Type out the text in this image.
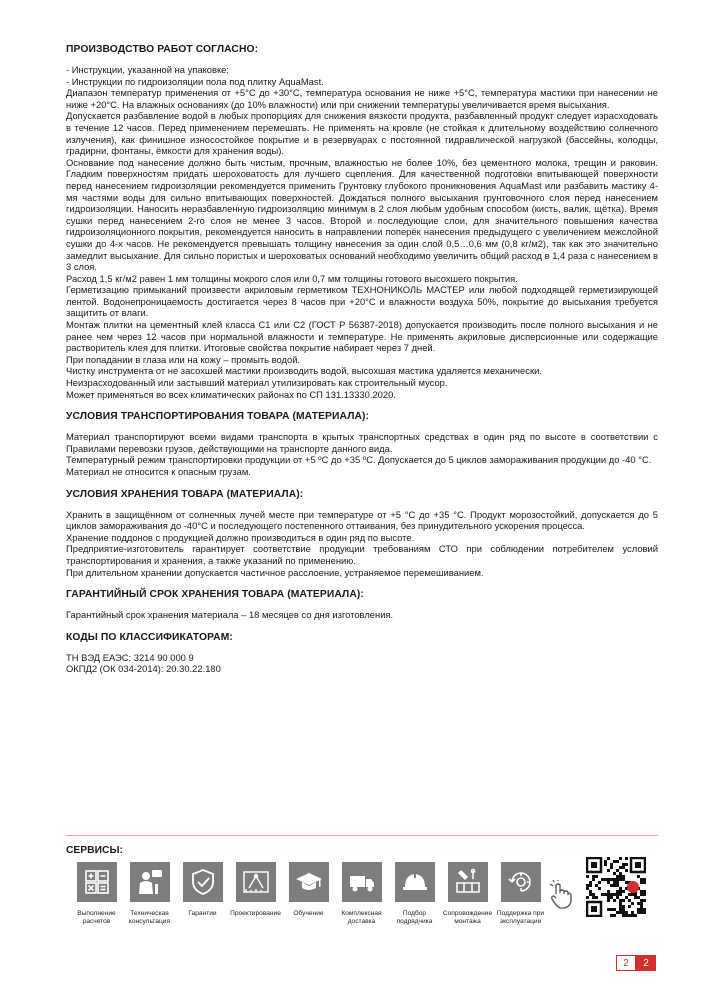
ПРОИЗВОДСТВО РАБОТ СОГЛАСНО:

- Инструкции, указанной на упаковке;

- Инструкции по гидроизоляции пола под плитку AquaMast.

Диапазон температур применения от +5°С до +30°С, температура основания не ниже +5°С, температура мастики при нанесении не ниже +20°С. На влажных основаниях (до 10% влажности) или при снижении температуры увеличивается время высыхания.

Допускается разбавление водой в любых пропорциях для снижения вязкости продукта, разбавленный продукт следует израсходовать в течение 12 часов. Перед применением перемешать. Не применять на кровле (не стойкая к длительному воздействию солнечного излучения), как финишное износостойкое покрытие и в резервуарах с постоянной гидравлической нагрузкой (бассейны, колодцы, градирни, фонтаны, ёмкости для хранения воды).

Основание под нанесение должно быть чистым, прочным, влажностью не более 10%, без цементного молока, трещин и раковин. Гладким поверхностям придать шероховатость для лучшего сцепления. Для качественной подготовки впитывающей поверхности перед нанесением гидроизоляции рекомендуется применить Грунтовку глубокого проникновения AquaMast или разбавить мастику 4-мя частями воды для сильно впитывающих поверхностей. Дождаться полного высыхания грунтовочного слоя перед нанесением гидроизоляции. Наносить неразбавленную гидроизоляцию минимум в 2 слоя любым удобным способом (кисть, валик, щётка). Время сушки перед нанесением 2-го слоя не менее 3 часов. Второй и последующие слои, для значительного повышения качества гидроизоляционного покрытия, рекомендуется наносить в направлении поперёк нанесения предыдущего с увеличением межслойной сушки до 4-х часов. Не рекомендуется превышать толщину нанесения за один слой 0,5…0,6 мм (0,8 кг/м2), так как это значительно замедлит высыхание. Для сильно пористых и шероховатых оснований необходимо увеличить общий расход в 1,4 раза с нанесением в 3 слоя.

Расход 1,5 кг/м2 равен 1 мм толщины мокрого слоя или 0,7 мм толщины готового высохшего покрытия.

Герметизацию примыканий произвести акриловым герметиком ТЕХНОНИКОЛЬ МАСТЕР или любой подходящей герметизирующей лентой. Водонепроницаемость достигается через 8 часов при +20°С и влажности воздуха 50%, покрытие до высыхания требуется защитить от влаги.

Монтаж плитки на цементный клей класса С1 или С2 (ГОСТ Р 56387-2018) допускается производить после полного высыхания и не ранее чем через 12 часов при нормальной влажности и температуре. Не применять акриловые дисперсионные или содержащие растворитель клея для плитки. Итоговые свойства покрытие набирает через 7 дней.

При попадании в глаза или на кожу – промыть водой.

Чистку инструмента от не засохшей мастики производить водой, высохшая мастика удаляется механически.

Неизрасходованный или застывший материал утилизировать как строительный мусор.

Может применяться во всех климатических районах по СП 131.13330.2020.

УСЛОВИЯ ТРАНСПОРТИРОВАНИЯ ТОВАРА (МАТЕРИАЛА):

Материал транспортируют всеми видами транспорта в крытых транспортных средствах в один ряд по высоте в соответствии с Правилами перевозки грузов, действующими на транспорте данного вида.

Температурный режим транспортировки продукции от +5 ºС до +35 ºС. Допускается до 5 циклов замораживания продукции до -40 °С.

Материал не относится к опасным грузам.

УСЛОВИЯ ХРАНЕНИЯ ТОВАРА (МАТЕРИАЛА):

Хранить в защищённом от солнечных лучей месте при температуре от +5 °С до +35 °С. Продукт морозостойкий, допускается до 5 циклов замораживания до -40°С и последующего постепенного оттаивания, без принудительного ускорения процесса.

Хранение поддонов с продукцией должно производиться в один ряд по высоте.

Предприятие-изготовитель гарантирует соответствие продукции требованиям СТО при соблюдении потребителем условий транспортирования и хранения, а также указаний по применению.

При длительном хранении допускается частичное расслоение, устраняемое перемешиванием.

ГАРАНТИЙНЫЙ СРОК ХРАНЕНИЯ ТОВАРА (МАТЕРИАЛА):

Гарантийный срок хранения материала – 18 месяцев со дня изготовления.

КОДЫ ПО КЛАССИФИКАТОРАМ:

ТН ВЭД ЕАЭС: 3214 90 000 9

ОКПД2 (ОК 034-2014): 20.30.22.180

СЕРВИСЫ:
Выполнение расчетов
Техническая консультация
Гарантии Проектирование Обучение	Комплексная доставка
Подбор подрядчика
Сопровождение монтажа
Поддержка при эксплуатации
2	2
